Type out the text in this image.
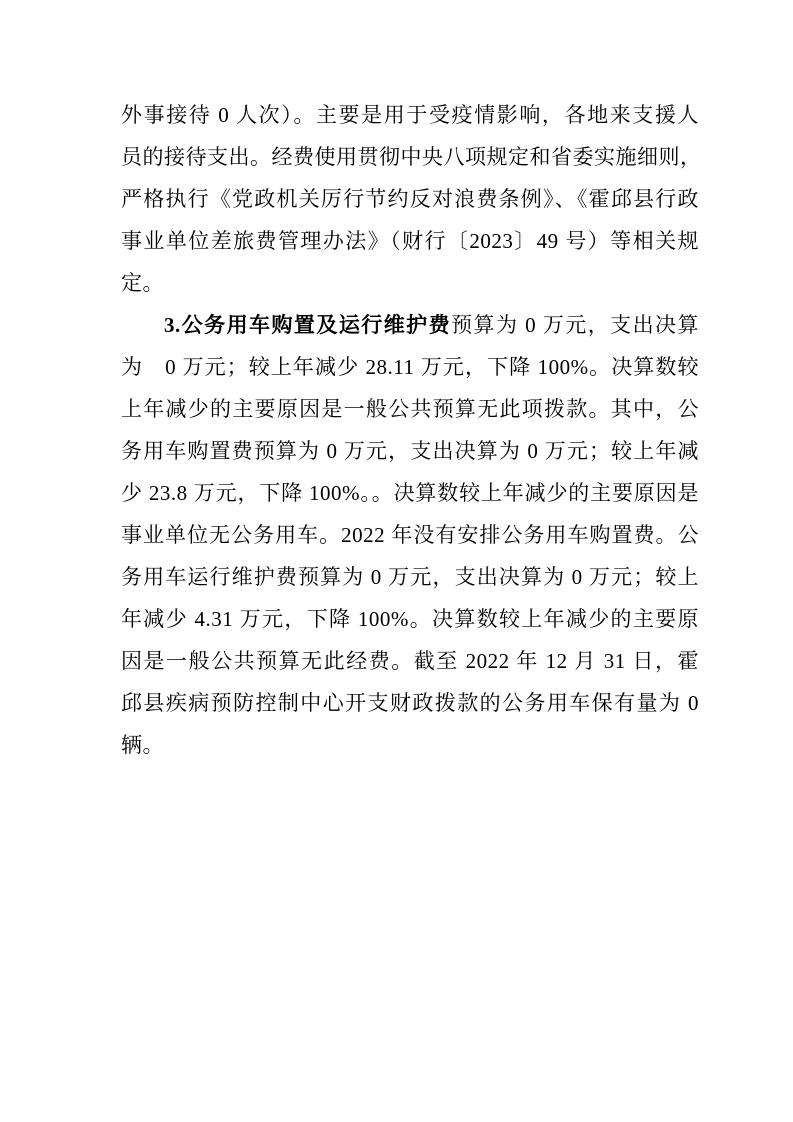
外事接待 0 人次）。主要是用于受疫情影响，各地来支援人
员的接待支出。经费使用贯彻中央八项规定和省委实施细则，
严格执行《党政机关厉行节约反对浪费条例》、《霍邱县行政
事业单位差旅费管理办法》（财行〔2023〕49 号）等相关规
定。
3.公务用车购置及运行维护费预算为 0 万元，支出决算
为　0 万元；较上年减少 28.11 万元，下降 100%。决算数较
上年减少的主要原因是一般公共预算无此项拨款。其中，公
务用车购置费预算为 0 万元，支出决算为 0 万元；较上年减
少 23.8 万元，下降 100%。。决算数较上年减少的主要原因是
事业单位无公务用车。2022 年没有安排公务用车购置费。公
务用车运行维护费预算为 0 万元，支出决算为 0 万元；较上
年减少 4.31 万元，下降 100%。决算数较上年减少的主要原
因是一般公共预算无此经费。截至 2022 年 12 月 31 日，霍
邱县疾病预防控制中心开支财政拨款的公务用车保有量为 0
辆。
